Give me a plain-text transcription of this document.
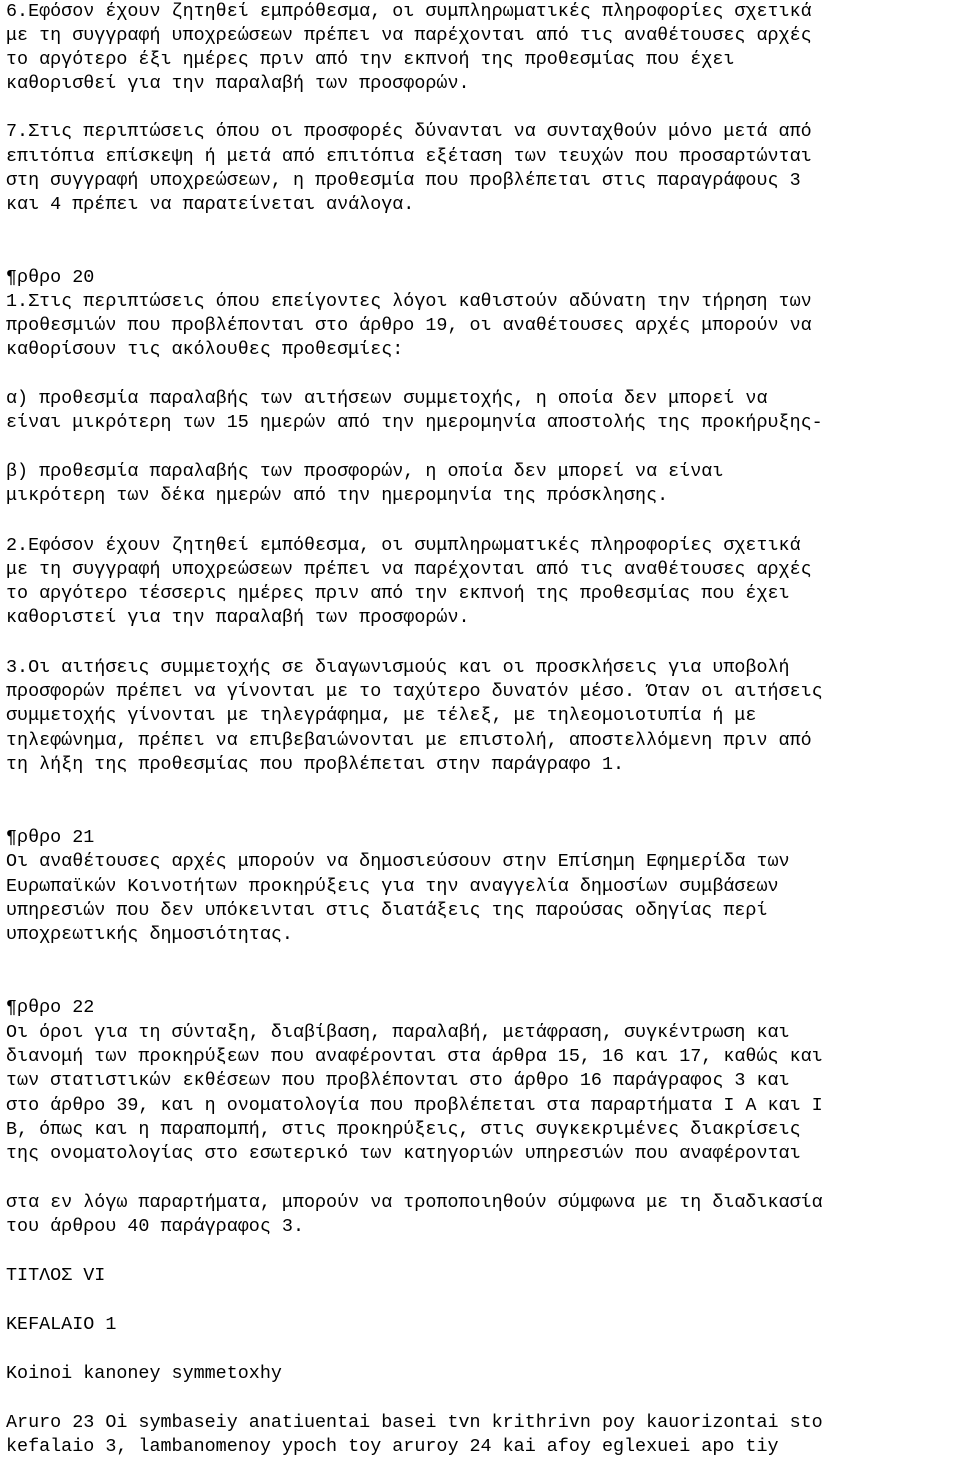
6.Εφόσον έχουν ζητηθεί εμπρόθεσμα, οι συμπληρωματικές πληροφορίες σχετικά

με τη συγγραφή υποχρεώσεων πρέπει να παρέχονται από τις αναθέτουσες αρχές

το αργότερο έξι ημέρες πριν από την εκπνοή της προθεσμίας που έχει

καθορισθεί για την παραλαβή των προσφορών.

7.Στις περιπτώσεις όπου οι προσφορές δύνανται να συνταχθούν μόνο μετά από

επιτόπια επίσκεψη ή μετά από επιτόπια εξέταση των τευχών που προσαρτώνται

στη συγγραφή υποχρεώσεων, η προθεσμία που προβλέπεται στις παραγράφους 3

και 4 πρέπει να παρατείνεται ανάλογα.

¶ρθρο 20

1.Στις περιπτώσεις όπου επείγοντες λόγοι καθιστούν αδύνατη την τήρηση των

προθεσμιών που προβλέπονται στο άρθρο 19, οι αναθέτουσες αρχές μπορούν να

καθορίσουν τις ακόλουθες προθεσμίες:

α) προθεσμία παραλαβής των αιτήσεων συμμετοχής, η οποία δεν μπορεί να

είναι μικρότερη των 15 ημερών από την ημερομηνία αποστολής της προκήρυξης-

β) προθεσμία παραλαβής των προσφορών, η οποία δεν μπορεί να είναι

μικρότερη των δέκα ημερών από την ημερομηνία της πρόσκλησης.

2.Εφόσον έχουν ζητηθεί εμπόθεσμα, οι συμπληρωματικές πληροφορίες σχετικά

με τη συγγραφή υποχρεώσεων πρέπει να παρέχονται από τις αναθέτουσες αρχές

το αργότερο τέσσερις ημέρες πριν από την εκπνοή της προθεσμίας που έχει

καθοριστεί για την παραλαβή των προσφορών.

3.Οι αιτήσεις συμμετοχής σε διαγωνισμούς και οι προσκλήσεις για υποβολή

προσφορών πρέπει να γίνονται με το ταχύτερο δυνατόν μέσο. Όταν οι αιτήσεις

συμμετοχής γίνονται με τηλεγράφημα, με τέλεξ, με τηλεομοιοτυπία ή με

τηλεφώνημα, πρέπει να επιβεβαιώνονται με επιστολή, αποστελλόμενη πριν από

τη λήξη της προθεσμίας που προβλέπεται στην παράγραφο 1.

¶ρθρο 21

Οι αναθέτουσες αρχές μπορούν να δημοσιεύσουν στην Επίσημη Εφημερίδα των

Ευρωπαϊκών Κοινοτήτων προκηρύξεις για την αναγγελία δημοσίων συμβάσεων

υπηρεσιών που δεν υπόκεινται στις διατάξεις της παρούσας οδηγίας περί

υποχρεωτικής δημοσιότητας.

¶ρθρο 22

Οι όροι για τη σύνταξη, διαβίβαση, παραλαβή, μετάφραση, συγκέντρωση και

διανομή των προκηρύξεων που αναφέρονται στα άρθρα 15, 16 και 17, καθώς και

των στατιστικών εκθέσεων που προβλέπονται στο άρθρο 16 παράγραφος 3 και

στο άρθρο 39, και η ονοματολογία που προβλέπεται στα παραρτήματα I A και I

B, όπως και η παραπομπή, στις προκηρύξεις, στις συγκεκριμένες διακρίσεις

της ονοματολογίας στο εσωτερικό των κατηγοριών υπηρεσιών που αναφέρονται

στα εν λόγω παραρτήματα, μπορούν να τροποποιηθούν σύμφωνα με τη διαδικασία

του άρθρου 40 παράγραφος 3.

ΤΙΤΛΟΣ VI

KEFALAIO 1

Koinoi kanoney symmetoxhy

Aruro 23 Oi symbaseiy anatiuentai basei tvn krithrivn poy kauorizontai sto

kefalaio 3, lambanomenoy ypoch toy aruroy 24 kai afoy eglexuei apo tiy
